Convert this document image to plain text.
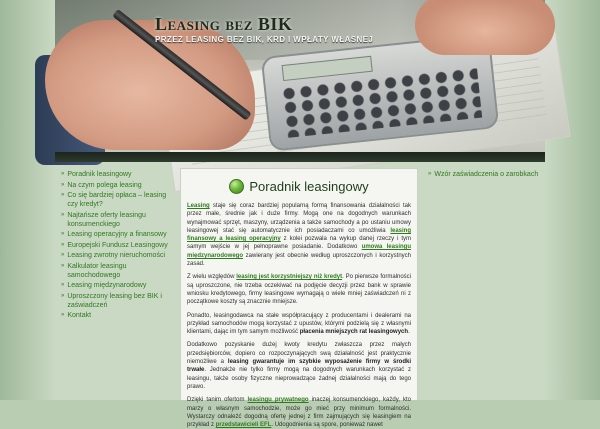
Leasing bez BIK
PRZEZ LEASING BEZ BIK, KRD I WPŁATY WŁASNEJ
» Poradnik leasingowy
» Na czym polega leasing
» Co się bardziej opłaca – leasing czy kredyt?
» Najtańsze oferty leasingu konsumenckiego
» Leasing operacyjny a finansowy
» Europejski Fundusz Leasingowy
» Leasing zwrotny nieruchomości
» Kalkulator leasingu samochodowego
» Leasing międzynarodowy
» Uproszczony leasing bez BIK i zaświadczeń
» Kontakt
Poradnik leasingowy

Leasing staje się coraz bardziej popularną formą finansowania działalności tak przez małe, średnie jak i duże firmy. Mogą one na dogodnych warunkach wynajmować sprzęt, maszyny, urządzenia a także samochody a po ustaniu umowy leasingowej stać się automatycznie ich posiadaczami co umożliwia leasing finansowy a leasing operacyjny z kolei pozwala na wykup danej rzeczy i tym samym wejście w jej pełnoprawne posiadanie. Dodatkowo umowa leasingu międzynarodowego zawierany jest obecnie według uproszczonych i korzystnych zasad.

Z wielu względów leasing jest korzystniejszy niż kredyt. Po pierwsze formalności są uproszczone, nie trzeba oczekiwać na podjęcie decyzji przez bank w sprawie wniosku kredytowego, firmy leasingowe wymagają o wiele mniej zaświadczeń ni z początkowe koszty są znacznie mniejsze.

Ponadto, leasingodawca na stałe współpracujący z producentami i dealerami na przykład samochodów mogą korzystać z upustów, którymi podzielą się z własnymi klientami, dając im tym samym możliwość płacenia mniejszych rat leasingowych.

Dodatkowo pozyskanie dużej kwoty kredytu zwłaszcza przez małych przedsiębiorców, dopiero co rozpoczynających swą działalność jest praktycznie niemożliwe a leasing gwarantuje im szybkie wyposażenie firmy w środki trwałe. Jednakże nie tylko firmy mogą na dogodnych warunkach korzystać z leasingu, także osoby fizyczne nieprowadzące żadnej działalności mają do tego prawo.

Dzięki tanim ofertom leasingu prywatnego inaczej konsumenckiego, każdy, kto marzy o własnym samochodzie, może go mieć przy minimum formalności. Wystarczy odnaleźć dogodną ofertę jednej z firm zajmujących się leasingiem na przykład z przedstawicieli EFL. Udogodnienia są spore, ponieważ nawet

» Wzór zaświadczenia o zarobkach
